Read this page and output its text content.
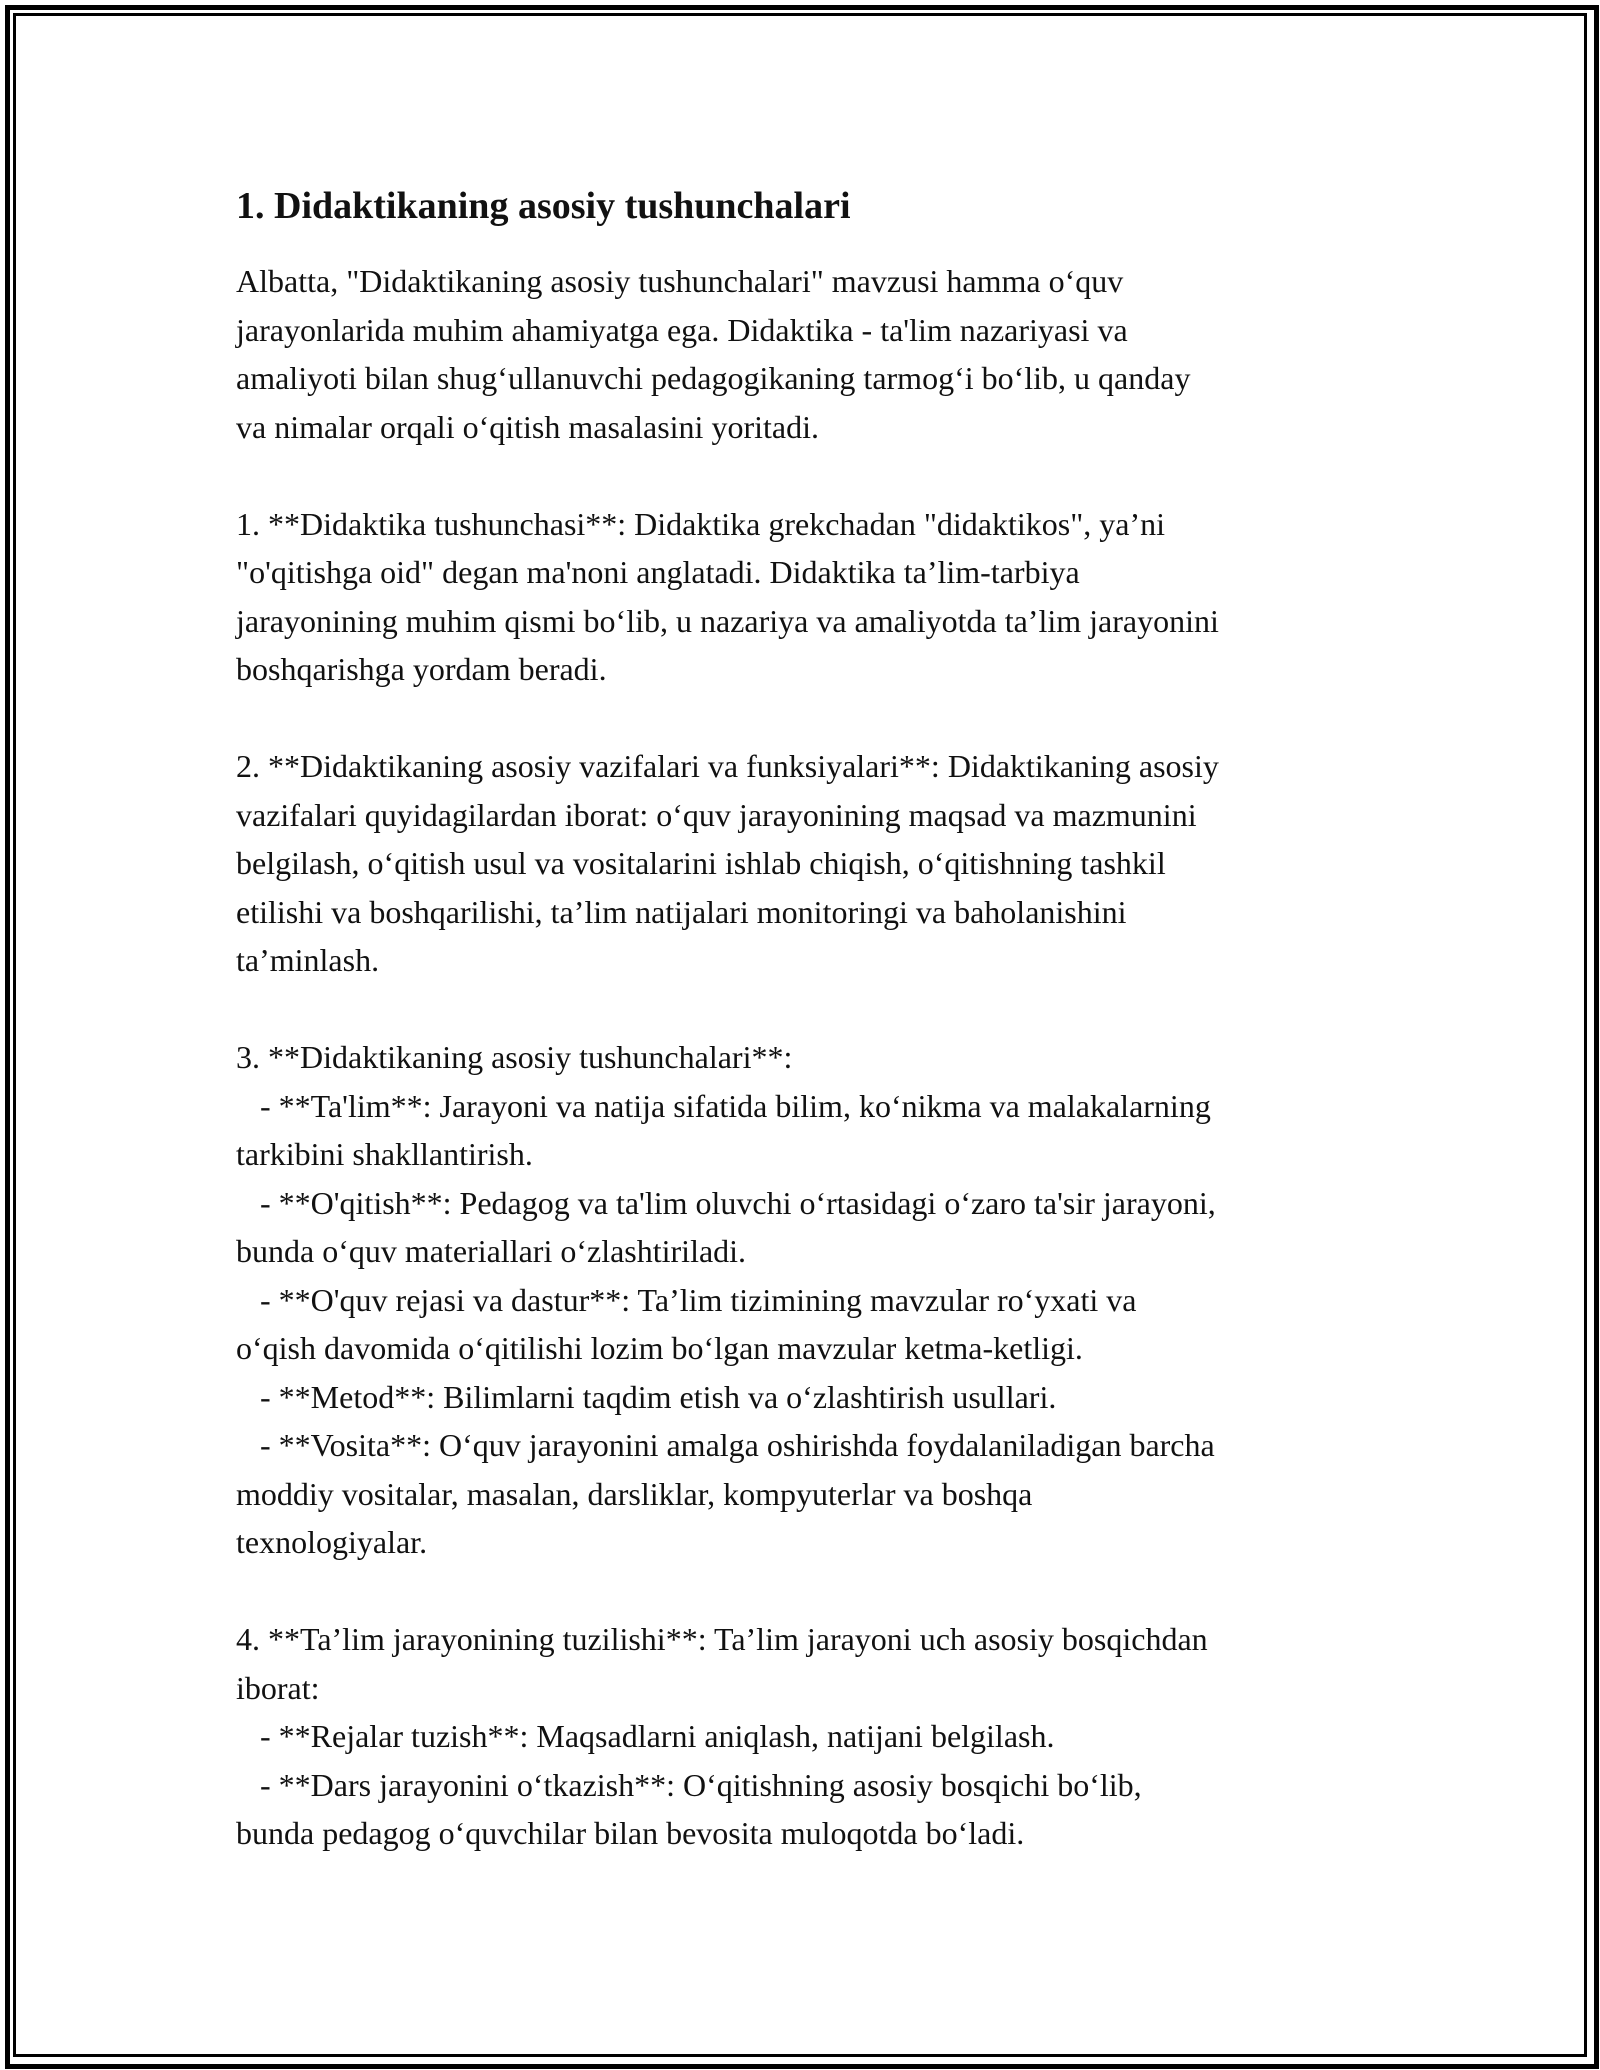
1. Didaktikaning asosiy tushunchalari
Albatta, "Didaktikaning asosiy tushunchalari" mavzusi hamma o‘quv
jarayonlarida muhim ahamiyatga ega. Didaktika - ta'lim nazariyasi va
amaliyoti bilan shug‘ullanuvchi pedagogikaning tarmog‘i bo‘lib, u qanday
va nimalar orqali o‘qitish masalasini yoritadi.
1. **Didaktika tushunchasi**: Didaktika grekchadan "didaktikos", ya’ni
"o'qitishga oid" degan ma'noni anglatadi. Didaktika ta’lim-tarbiya
jarayonining muhim qismi bo‘lib, u nazariya va amaliyotda ta’lim jarayonini
boshqarishga yordam beradi.
2. **Didaktikaning asosiy vazifalari va funksiyalari**: Didaktikaning asosiy
vazifalari quyidagilardan iborat: o‘quv jarayonining maqsad va mazmunini
belgilash, o‘qitish usul va vositalarini ishlab chiqish, o‘qitishning tashkil
etilishi va boshqarilishi, ta’lim natijalari monitoringi va baholanishini
ta’minlash.
3. **Didaktikaning asosiy tushunchalari**:
- **Ta'lim**: Jarayoni va natija sifatida bilim, ko‘nikma va malakalarning
tarkibini shakllantirish.
- **O'qitish**: Pedagog va ta'lim oluvchi o‘rtasidagi o‘zaro ta'sir jarayoni,
bunda o‘quv materiallari o‘zlashtiriladi.
- **O'quv rejasi va dastur**: Ta’lim tizimining mavzular ro‘yxati va
o‘qish davomida o‘qitilishi lozim bo‘lgan mavzular ketma-ketligi.
- **Metod**: Bilimlarni taqdim etish va o‘zlashtirish usullari.
- **Vosita**: O‘quv jarayonini amalga oshirishda foydalaniladigan barcha
moddiy vositalar, masalan, darsliklar, kompyuterlar va boshqa
texnologiyalar.
4. **Ta’lim jarayonining tuzilishi**: Ta’lim jarayoni uch asosiy bosqichdan
iborat:
- **Rejalar tuzish**: Maqsadlarni aniqlash, natijani belgilash.
- **Dars jarayonini o‘tkazish**: O‘qitishning asosiy bosqichi bo‘lib,
bunda pedagog o‘quvchilar bilan bevosita muloqotda bo‘ladi.
